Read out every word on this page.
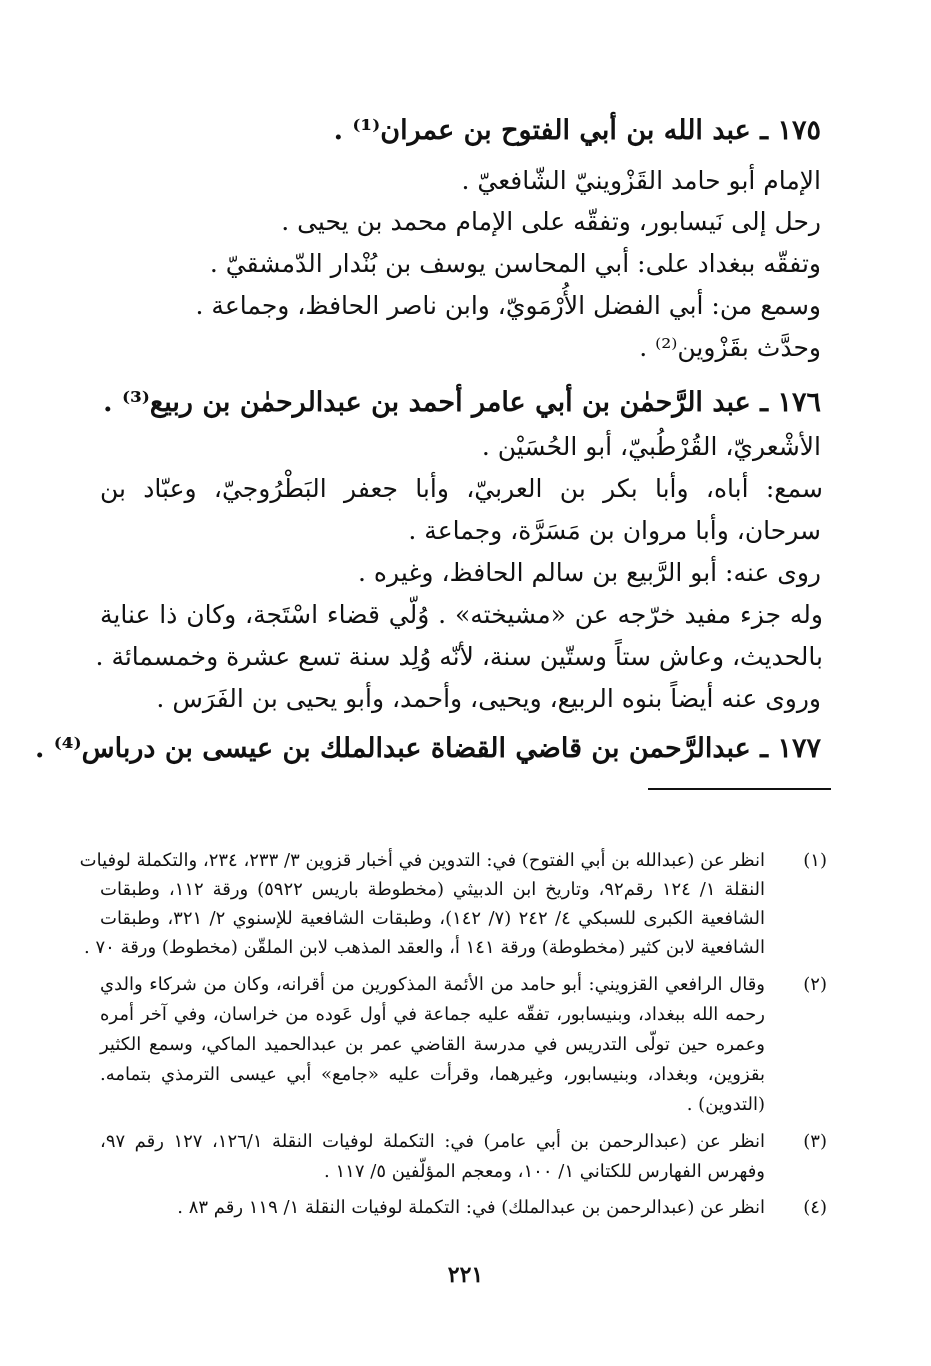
١٧٥ ـ عبد الله بن أبي الفتوح بن عمران⁽¹⁾ .
الإمام أبو حامد القَزْوينيّ الشّافعيّ .
رحل إلى نَيسابور، وتفقّه على الإمام محمد بن يحيى .
وتفقّه ببغداد على: أبي المحاسن يوسف بن بُنْدار الدّمشقيّ .
وسمع من: أبي الفضل الأُرْمَويّ، وابن ناصر الحافظ، وجماعة .
وحدَّث بقَزْوين⁽²⁾ .
١٧٦ ـ عبد الرَّحمٰن بن أبي عامر أحمد بن عبدالرحمٰن بن ربيع⁽³⁾ .
الأشْعريّ، القُرْطُبيّ، أبو الحُسَيْن .
سمع: أباه، وأبا بكر بن العربيّ، وأبا جعفر البَطْرُوجيّ، وعبّاد بن
سرحان، وأبا مروان بن مَسَرَّة، وجماعة .
روى عنه: أبو الرَّبيع بن سالم الحافظ، وغيره .
وله جزء مفيد خرّجه عن «مشيخته» . وُلّي قضاء اسْتَجة، وكان ذا عناية
بالحديث، وعاش ستاً وستّين سنة، لأنّه وُلِد سنة تسع عشرة وخمسمائة .
وروى عنه أيضاً بنوه الربيع، ويحيى، وأحمد، وأبو يحيى بن الفَرَس .
١٧٧ ـ عبدالرَّحمن بن قاضي القضاة عبدالملك بن عيسى بن درباس⁽⁴⁾ .
(١)
انظر عن (عبدالله بن أبي الفتوح) في: التدوين في أخبار قزوين ٣/ ٢٣٣، ٢٣٤، والتكملة لوفيات
النقلة ١/ ١٢٤ رقم٩٢، وتاريخ ابن الدبيثي (مخطوطة باريس ٥٩٢٢) ورقة ١١٢، وطبقات
الشافعية الكبرى للسبكي ٤/ ٢٤٢ (٧/ ١٤٢)، وطبقات الشافعية للإسنوي ٢/ ٣٢١، وطبقات
الشافعية لابن كثير (مخطوطة) ورقة ١٤١ أ، والعقد المذهب لابن الملقّن (مخطوط) ورقة ٧٠ .
(٢)
وقال الرافعي القزويني: أبو حامد من الأئمة المذكورين من أقرانه، وكان من شركاء والدي
رحمه الله ببغداد، وبنيسابور، تفقّه عليه جماعة في أول عَوده من خراسان، وفي آخر أمره
وعمره حين تولّى التدريس في مدرسة القاضي عمر بن عبدالحميد الماكي، وسمع الكثير
بقزوين، وبغداد، وبنيسابور، وغيرهما، وقرأت عليه «جامع» أبي عيسى الترمذي بتمامه.
(التدوين) .
(٣)
انظر عن (عبدالرحمن بن أبي عامر) في: التكملة لوفيات النقلة ١٢٦/١، ١٢٧ رقم ٩٧،
وفهرس الفهارس للكتاني ١/ ١٠٠، ومعجم المؤلّفين ٥/ ١١٧ .
(٤)
انظر عن (عبدالرحمن بن عبدالملك) في: التكملة لوفيات النقلة ١/ ١١٩ رقم ٨٣ .
٢٢١
